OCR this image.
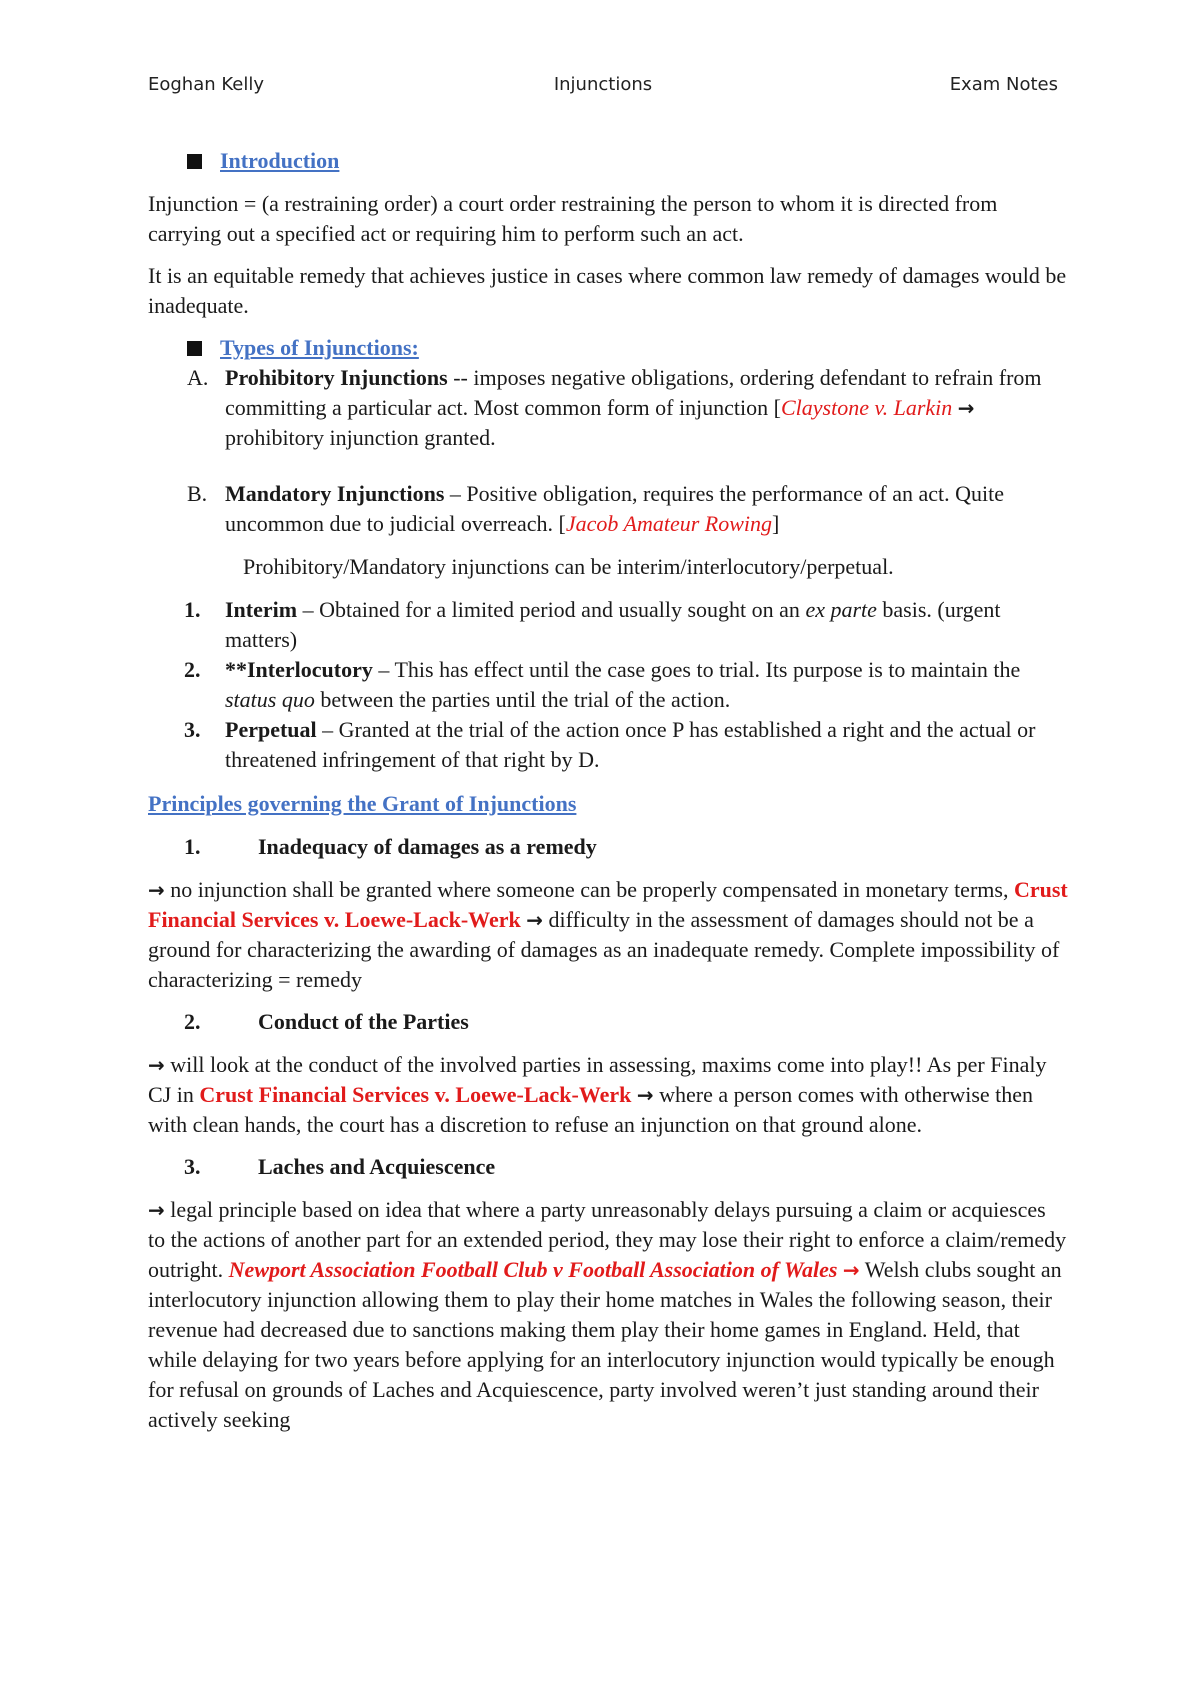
Eoghan Kelly	Injunctions	Exam Notes
Introduction

Injunction = (a restraining order) a court order restraining the person to whom it is directed from carrying out a specified act or requiring him to perform such an act.

It is an equitable remedy that achieves justice in cases where common law remedy of damages would be inadequate.

Types of Injunctions:
A. Prohibitory Injunctions -- imposes negative obligations, ordering defendant to refrain from committing a particular act. Most common form of injunction [Claystone v. Larkin → prohibitory injunction granted.
B. Mandatory Injunctions – Positive obligation, requires the performance of an act. Quite uncommon due to judicial overreach. [Jacob Amateur Rowing]

Prohibitory/Mandatory injunctions can be interim/interlocutory/perpetual.

1.	Interim – Obtained for a limited period and usually sought on an ex parte basis. (urgent matters)
2.	**Interlocutory – This has effect until the case goes to trial. Its purpose is to maintain the status quo between the parties until the trial of the action.
3.	Perpetual – Granted at the trial of the action once P has established a right and the actual or threatened infringement of that right by D.

Principles governing the Grant of Injunctions

1.	Inadequacy of damages as a remedy

→ no injunction shall be granted where someone can be properly compensated in monetary terms, Crust Financial Services v. Loewe-Lack-Werk → difficulty in the assessment of damages should not be a ground for characterizing the awarding of damages as an inadequate remedy. Complete impossibility of characterizing = remedy

2.	Conduct of the Parties

→ will look at the conduct of the involved parties in assessing, maxims come into play!! As per Finaly CJ in Crust Financial Services v. Loewe-Lack-Werk → where a person comes with otherwise then with clean hands, the court has a discretion to refuse an injunction on that ground alone.

3.	Laches and Acquiescence

→ legal principle based on idea that where a party unreasonably delays pursuing a claim or acquiesces to the actions of another part for an extended period, they may lose their right to enforce a claim/remedy outright. Newport Association Football Club v Football Association of Wales → Welsh clubs sought an interlocutory injunction allowing them to play their home matches in Wales the following season, their revenue had decreased due to sanctions making them play their home games in England. Held, that while delaying for two years before applying for an interlocutory injunction would typically be enough for refusal on grounds of Laches and Acquiescence, party involved weren’t just standing around their actively seeking
